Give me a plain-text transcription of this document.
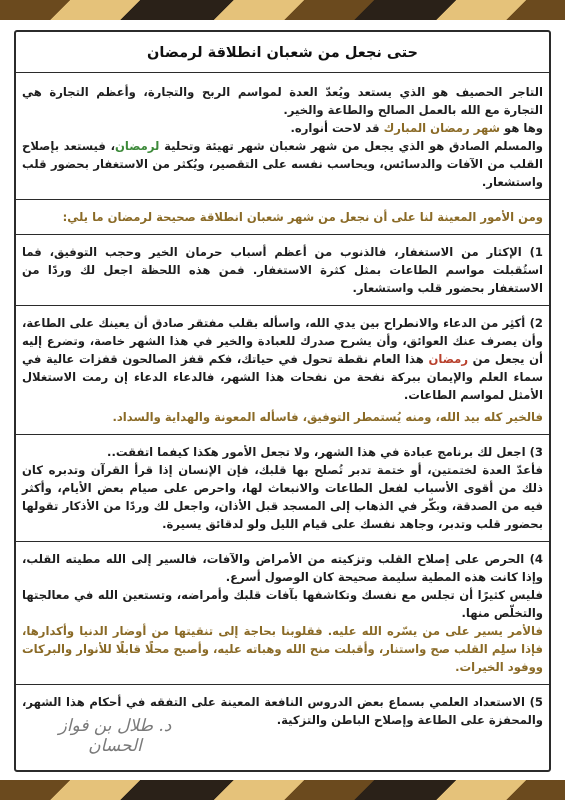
حتى نجعل من شعبان انطلاقة لرمضان

التاجر الحصيف هو الذي يستعد ويُعدّ العدة لمواسم الربح والتجارة، وأعظم التجارة هي التجارة مع الله بالعمل الصالح والطاعة والخير.

وها هو شهر رمضان المبارك قد لاحت أنواره.

والمسلم الصادق هو الذي يجعل من شهر شعبان شهر تهيئة وتحلية لرمضان، فيستعد بإصلاح القلب من الآفات والدسائس، ويحاسب نفسه على التقصير، ويُكثر من الاستغفار بحضور قلب واستشعار.

ومن الأمور المعينة لنا على أن نجعل من شهر شعبان انطلاقة صحيحة لرمضان ما يلي:

1) الإكثار من الاستغفار، فالذنوب من أعظم أسباب حرمان الخير وحجب التوفيق، فما استُقبلت مواسم الطاعات بمثل كثرة الاستغفار. فمن هذه اللحظة اجعل لك وردًا من الاستغفار بحضور قلب واستشعار.

2) أكثِر من الدعاء والانطراح بين يدي الله، واسأله بقلب مفتقر صادق أن يعينك على الطاعة، وأن يصرف عنك العوائق، وأن يشرح صدرك للعبادة والخير في هذا الشهر خاصة، وتضرع إليه أن يجعل من رمضان هذا العام نقطة تحول في حياتك، فكم قفز الصالحون قفزات عالية في سماء العلم والإيمان ببركة نفحة من نفحات هذا الشهر، فالدعاء الدعاء إن رمت الاستغلال الأمثل لمواسم الطاعات.

فالخير كله بيد الله، ومنه يُستمطر التوفيق، فاسأله المعونة والهداية والسداد.

3) اجعل لك برنامج عبادة في هذا الشهر، ولا تجعل الأمور هكذا كيفما اتفقت..

فأعدّ العدة لختمتين، أو ختمة تدبر تُصلح بها قلبك، فإن الإنسان إذا قرأ القرآن وتدبره كان ذلك من أقوى الأسباب لفعل الطاعات والانبعاث لها، واحرص على صيام بعض الأيام، وأكثر فيه من الصدقة، وبكّر في الذهاب إلى المسجد قبل الأذان، واجعل لك وردًا من الأذكار تقولها بحضور قلب وتدبر، وجاهد نفسك على قيام الليل ولو لدقائق يسيرة.

4) الحرص على إصلاح القلب وتزكيته من الأمراض والآفات، فالسير إلى الله مطيته القلب، وإذا كانت هذه المطية سليمة صحيحة كان الوصول أسرع.

فليس كثيرًا أن تجلس مع نفسك وتكاشفها بآفات قلبك وأمراضه، وتستعين الله في معالجتها والتخلّص منها.

فالأمر يسير على من يسّره الله عليه. فقلوبنا بحاجة إلى تنقيتها من أوضار الدنيا وأكدارها، فإذا سلِم القلب صح واستنار، وأقبلت منح الله وهباته عليه، وأصبح محلًا قابلًا للأنوار والبركات ووفود الخيرات.

5) الاستعداد العلمي بسماع بعض الدروس النافعة المعينة على التفقه في أحكام هذا الشهر، والمحفزة على الطاعة وإصلاح الباطن والتزكية.

د. طلال بن فواز الحسان
